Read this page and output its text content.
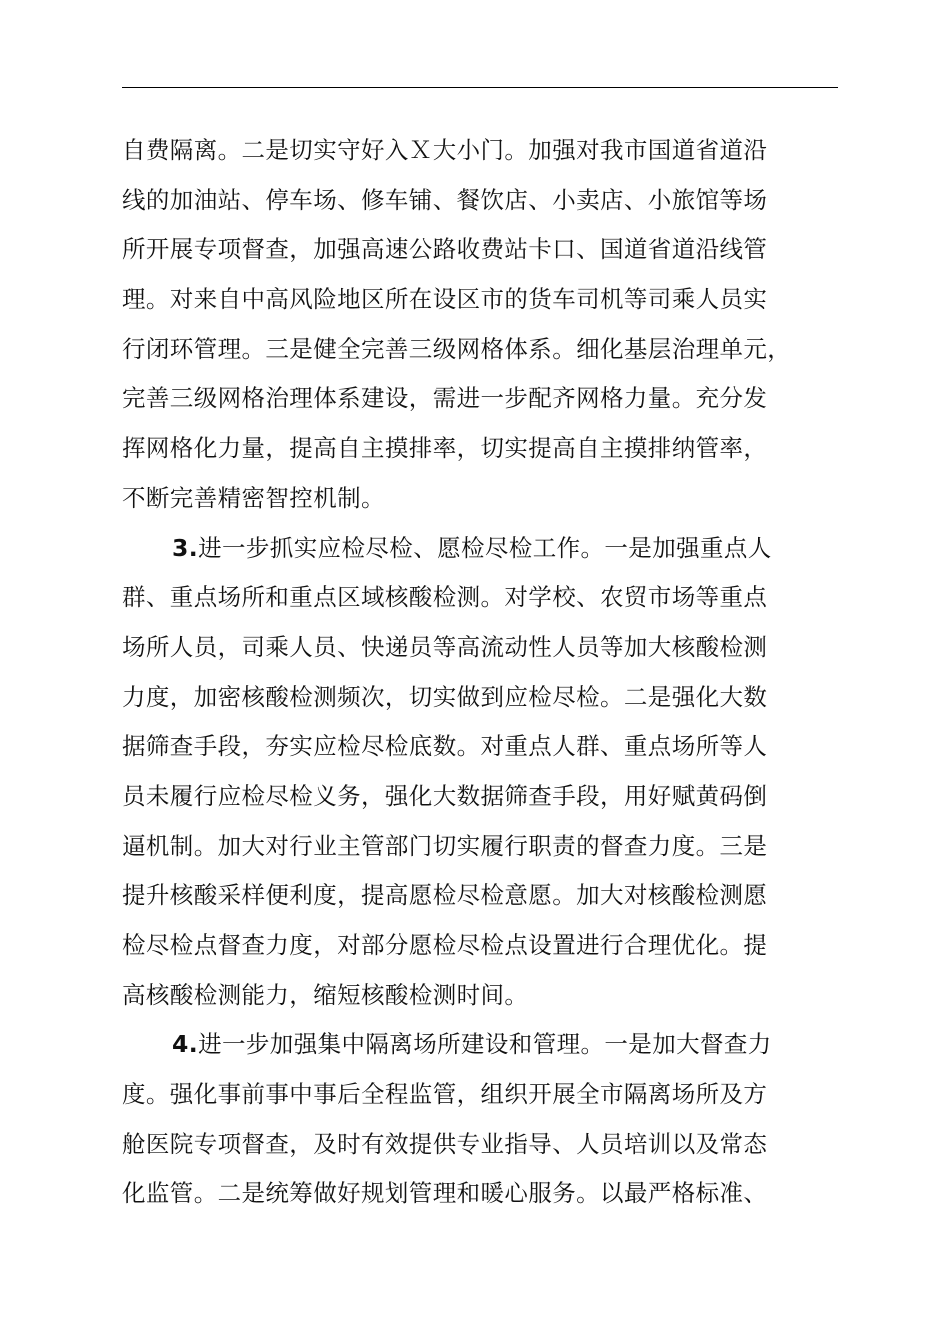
自费隔离。二是切实守好入Ｘ大小门。加强对我市国道省道沿
线的加油站、停车场、修车铺、餐饮店、小卖店、小旅馆等场
所开展专项督查，加强高速公路收费站卡口、国道省道沿线管
理。对来自中高风险地区所在设区市的货车司机等司乘人员实
行闭环管理。三是健全完善三级网格体系。细化基层治理单元，
完善三级网格治理体系建设，需进一步配齐网格力量。充分发
挥网格化力量，提高自主摸排率，切实提高自主摸排纳管率，
不断完善精密智控机制。
3.进一步抓实应检尽检、愿检尽检工作。一是加强重点人
群、重点场所和重点区域核酸检测。对学校、农贸市场等重点
场所人员，司乘人员、快递员等高流动性人员等加大核酸检测
力度，加密核酸检测频次，切实做到应检尽检。二是强化大数
据筛查手段，夯实应检尽检底数。对重点人群、重点场所等人
员未履行应检尽检义务，强化大数据筛查手段，用好赋黄码倒
逼机制。加大对行业主管部门切实履行职责的督查力度。三是
提升核酸采样便利度，提高愿检尽检意愿。加大对核酸检测愿
检尽检点督查力度，对部分愿检尽检点设置进行合理优化。提
高核酸检测能力，缩短核酸检测时间。
4.进一步加强集中隔离场所建设和管理。一是加大督查力
度。强化事前事中事后全程监管，组织开展全市隔离场所及方
舱医院专项督查，及时有效提供专业指导、人员培训以及常态
化监管。二是统筹做好规划管理和暖心服务。以最严格标准、
